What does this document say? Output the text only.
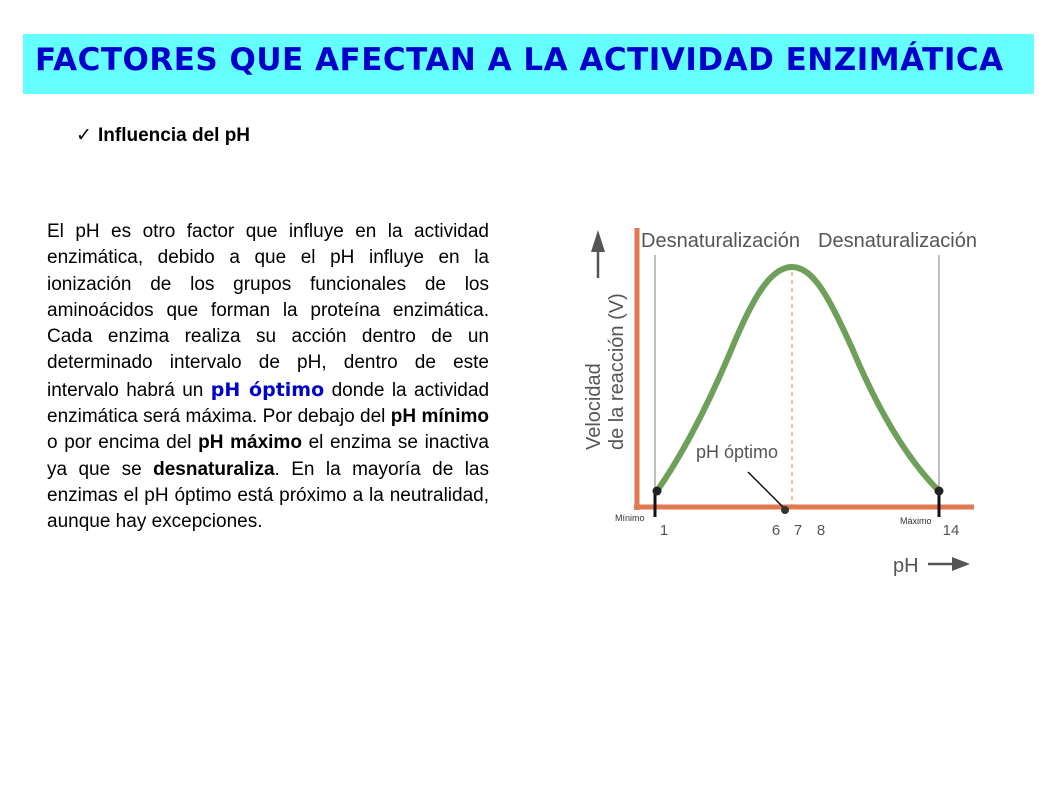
FACTORES QUE AFECTAN A LA ACTIVIDAD ENZIMÁTICA
✓ Influencia del pH
El pH es otro factor que influye en la actividad enzimática, debido a que el pH influye en la ionización de los grupos funcionales de los aminoácidos que forman la proteína enzimática. Cada enzima realiza su acción dentro de un determinado intervalo de pH, dentro de este intervalo habrá un pH óptimo donde la actividad enzimática será máxima. Por debajo del pH mínimo o por encima del pH máximo el enzima se inactiva ya que se desnaturaliza. En la mayoría de las enzimas el pH óptimo está próximo a la neutralidad, aunque hay excepciones.
Desnaturalización Desnaturalización
Velocidad de la reacción (V)
pH óptimo
Mínimo	Máximo
1	6 7 8	14
pH
